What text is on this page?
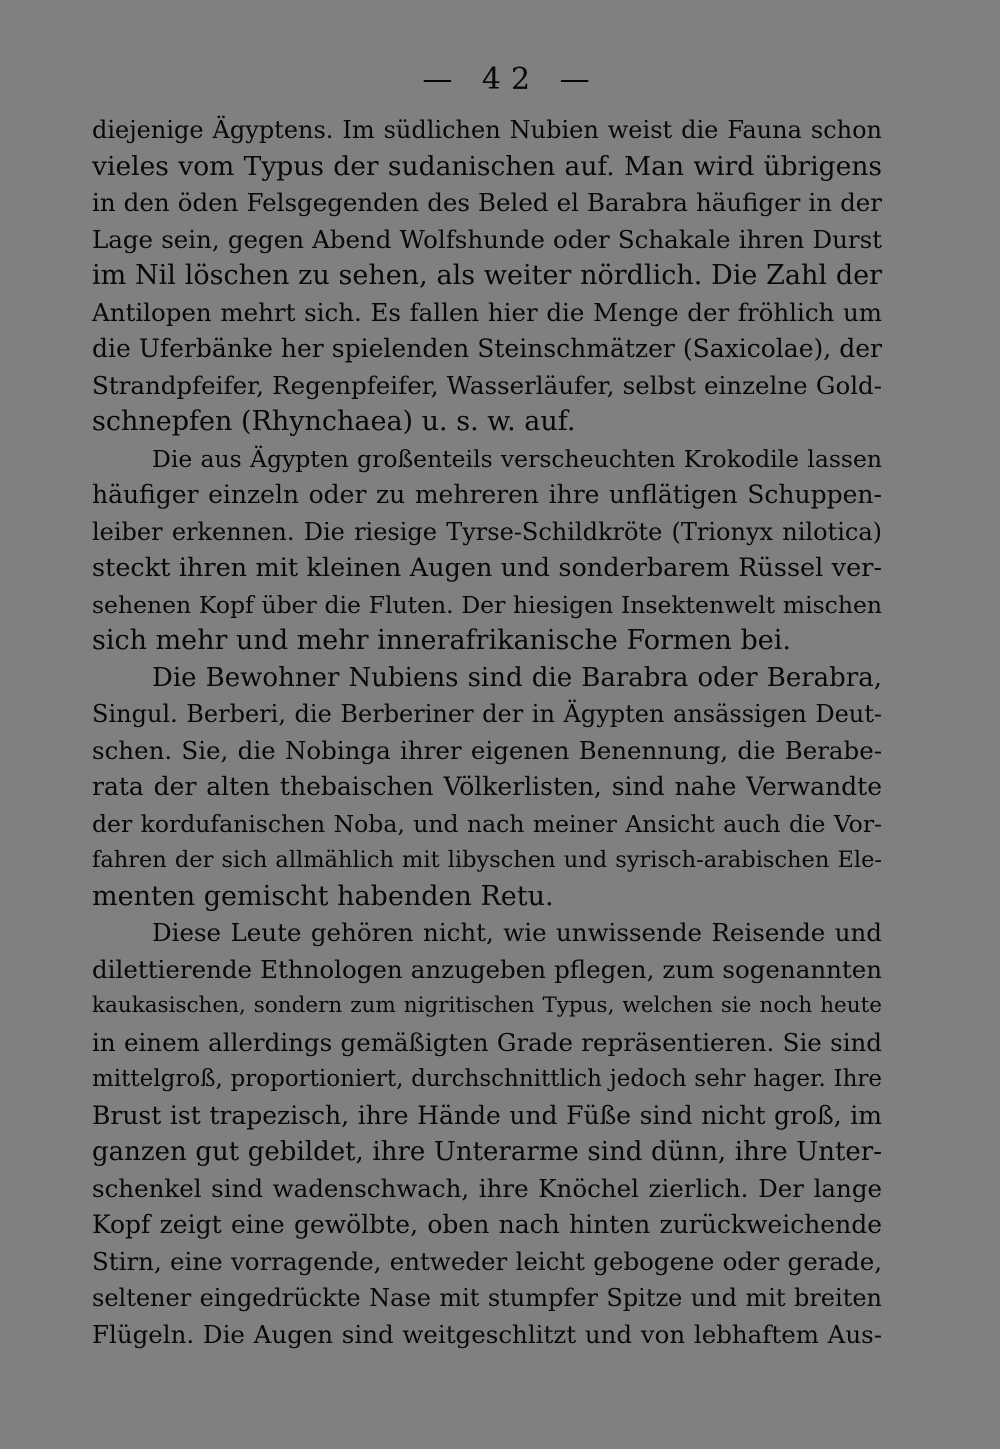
— 42 —
diejenige Ägyptens. Im südlichen Nubien weist die Fauna schon
vieles vom Typus der sudanischen auf. Man wird übrigens
in den öden Felsgegenden des Beled el Barabra häufiger in der
Lage sein, gegen Abend Wolfshunde oder Schakale ihren Durst
im Nil löschen zu sehen, als weiter nördlich. Die Zahl der
Antilopen mehrt sich. Es fallen hier die Menge der fröhlich um
die Uferbänke her spielenden Steinschmätzer (Saxicolae), der
Strandpfeifer, Regenpfeifer, Wasserläufer, selbst einzelne Gold-
schnepfen (Rhynchaea) u. s. w. auf.
Die aus Ägypten großenteils verscheuchten Krokodile lassen
häufiger einzeln oder zu mehreren ihre unflätigen Schuppen-
leiber erkennen. Die riesige Tyrse-Schildkröte (Trionyx nilotica)
steckt ihren mit kleinen Augen und sonderbarem Rüssel ver-
sehenen Kopf über die Fluten. Der hiesigen Insektenwelt mischen
sich mehr und mehr innerafrikanische Formen bei.
Die Bewohner Nubiens sind die Barabra oder Berabra,
Singul. Berberi, die Berberiner der in Ägypten ansässigen Deut-
schen. Sie, die Nobinga ihrer eigenen Benennung, die Berabe-
rata der alten thebaischen Völkerlisten, sind nahe Verwandte
der kordufanischen Noba, und nach meiner Ansicht auch die Vor-
fahren der sich allmählich mit libyschen und syrisch-arabischen Ele-
menten gemischt habenden Retu.
Diese Leute gehören nicht, wie unwissende Reisende und
dilettierende Ethnologen anzugeben pflegen, zum sogenannten
kaukasischen, sondern zum nigritischen Typus, welchen sie noch heute
in einem allerdings gemäßigten Grade repräsentieren. Sie sind
mittelgroß, proportioniert, durchschnittlich jedoch sehr hager. Ihre
Brust ist trapezisch, ihre Hände und Füße sind nicht groß, im
ganzen gut gebildet, ihre Unterarme sind dünn, ihre Unter-
schenkel sind wadenschwach, ihre Knöchel zierlich. Der lange
Kopf zeigt eine gewölbte, oben nach hinten zurückweichende
Stirn, eine vorragende, entweder leicht gebogene oder gerade,
seltener eingedrückte Nase mit stumpfer Spitze und mit breiten
Flügeln. Die Augen sind weitgeschlitzt und von lebhaftem Aus-
